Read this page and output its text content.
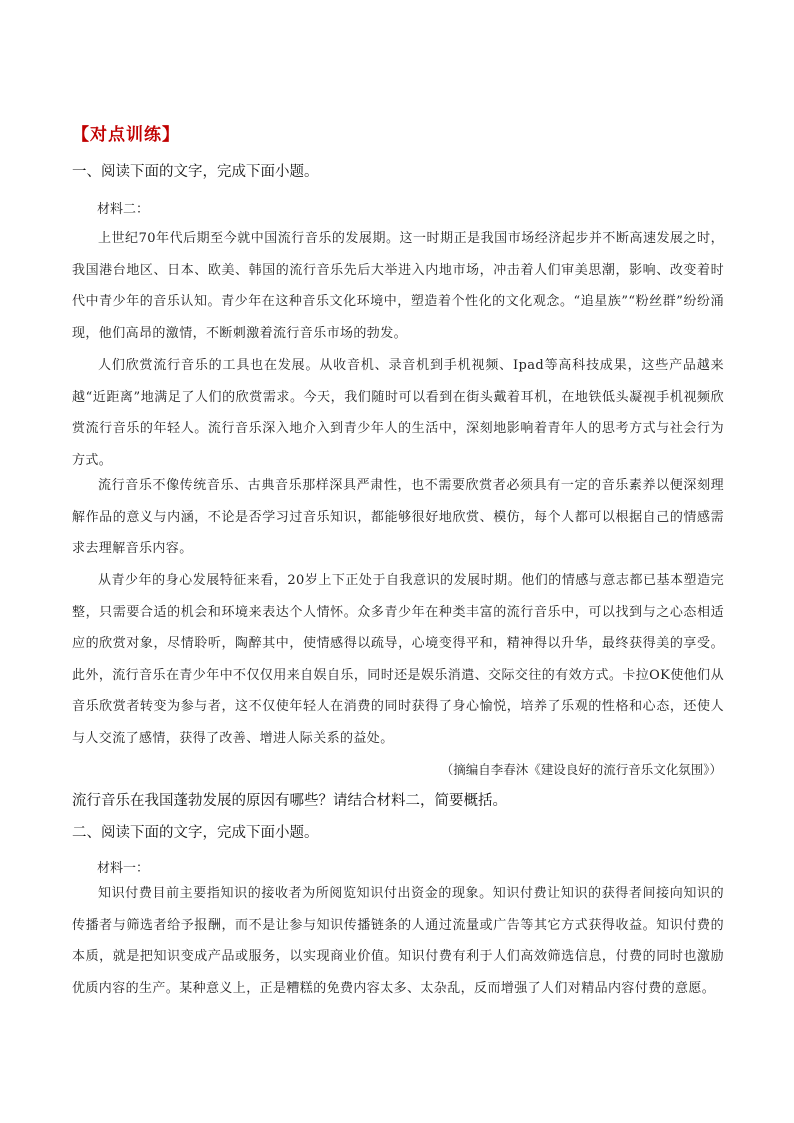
【对点训练】
一、阅读下面的文字，完成下面小题。
材料二：
上世纪70年代后期至今就中国流行音乐的发展期。这一时期正是我国市场经济起步并不断高速发展之时，我国港台地区、日本、欧美、韩国的流行音乐先后大举进入内地市场，冲击着人们审美思潮，影响、改变着时代中青少年的音乐认知。青少年在这种音乐文化环境中，塑造着个性化的文化观念。“追星族”“粉丝群”纷纷涌现，他们高昂的激情，不断刺激着流行音乐市场的勃发。
人们欣赏流行音乐的工具也在发展。从收音机、录音机到手机视频、Ipad等高科技成果，这些产品越来越“近距离”地满足了人们的欣赏需求。今天，我们随时可以看到在街头戴着耳机，在地铁低头凝视手机视频欣赏流行音乐的年轻人。流行音乐深入地介入到青少年人的生活中，深刻地影响着青年人的思考方式与社会行为方式。
流行音乐不像传统音乐、古典音乐那样深具严肃性，也不需要欣赏者必须具有一定的音乐素养以便深刻理解作品的意义与内涵，不论是否学习过音乐知识，都能够很好地欣赏、模仿，每个人都可以根据自己的情感需求去理解音乐内容。
从青少年的身心发展特征来看，20岁上下正处于自我意识的发展时期。他们的情感与意志都已基本塑造完整，只需要合适的机会和环境来表达个人情怀。众多青少年在种类丰富的流行音乐中，可以找到与之心态相适应的欣赏对象，尽情聆听，陶醉其中，使情感得以疏导，心境变得平和，精神得以升华，最终获得美的享受。此外，流行音乐在青少年中不仅仅用来自娱自乐，同时还是娱乐消遣、交际交往的有效方式。卡拉OK使他们从音乐欣赏者转变为参与者，这不仅使年轻人在消费的同时获得了身心愉悦，培养了乐观的性格和心态，还使人与人交流了感情，获得了改善、增进人际关系的益处。
（摘编自李春沐《建设良好的流行音乐文化氛围》）
流行音乐在我国蓬勃发展的原因有哪些？请结合材料二，简要概括。
二、阅读下面的文字，完成下面小题。
材料一：
知识付费目前主要指知识的接收者为所阅览知识付出资金的现象。知识付费让知识的获得者间接向知识的传播者与筛选者给予报酬，而不是让参与知识传播链条的人通过流量或广告等其它方式获得收益。知识付费的本质，就是把知识变成产品或服务，以实现商业价值。知识付费有利于人们高效筛选信息，付费的同时也激励优质内容的生产。某种意义上，正是糟糕的免费内容太多、太杂乱，反而增强了人们对精品内容付费的意愿。
